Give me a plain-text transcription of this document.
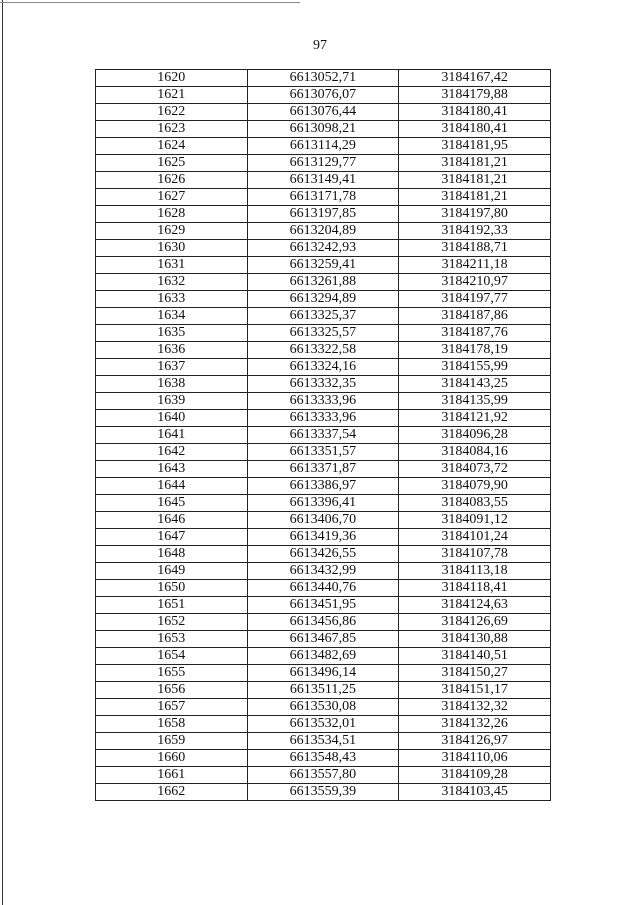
97
1620	6613052,71	3184167,42
1621	6613076,07	3184179,88
1622	6613076,44	3184180,41
1623	6613098,21	3184180,41
1624	6613114,29	3184181,95
1625	6613129,77	3184181,21
1626	6613149,41	3184181,21
1627	6613171,78	3184181,21
1628	6613197,85	3184197,80
1629	6613204,89	3184192,33
1630	6613242,93	3184188,71
1631	6613259,41	3184211,18
1632	6613261,88	3184210,97
1633	6613294,89	3184197,77
1634	6613325,37	3184187,86
1635	6613325,57	3184187,76
1636	6613322,58	3184178,19
1637	6613324,16	3184155,99
1638	6613332,35	3184143,25
1639	6613333,96	3184135,99
1640	6613333,96	3184121,92
1641	6613337,54	3184096,28
1642	6613351,57	3184084,16
1643	6613371,87	3184073,72
1644	6613386,97	3184079,90
1645	6613396,41	3184083,55
1646	6613406,70	3184091,12
1647	6613419,36	3184101,24
1648	6613426,55	3184107,78
1649	6613432,99	3184113,18
1650	6613440,76	3184118,41
1651	6613451,95	3184124,63
1652	6613456,86	3184126,69
1653	6613467,85	3184130,88
1654	6613482,69	3184140,51
1655	6613496,14	3184150,27
1656	6613511,25	3184151,17
1657	6613530,08	3184132,32
1658	6613532,01	3184132,26
1659	6613534,51	3184126,97
1660	6613548,43	3184110,06
1661	6613557,80	3184109,28
1662	6613559,39	3184103,45
